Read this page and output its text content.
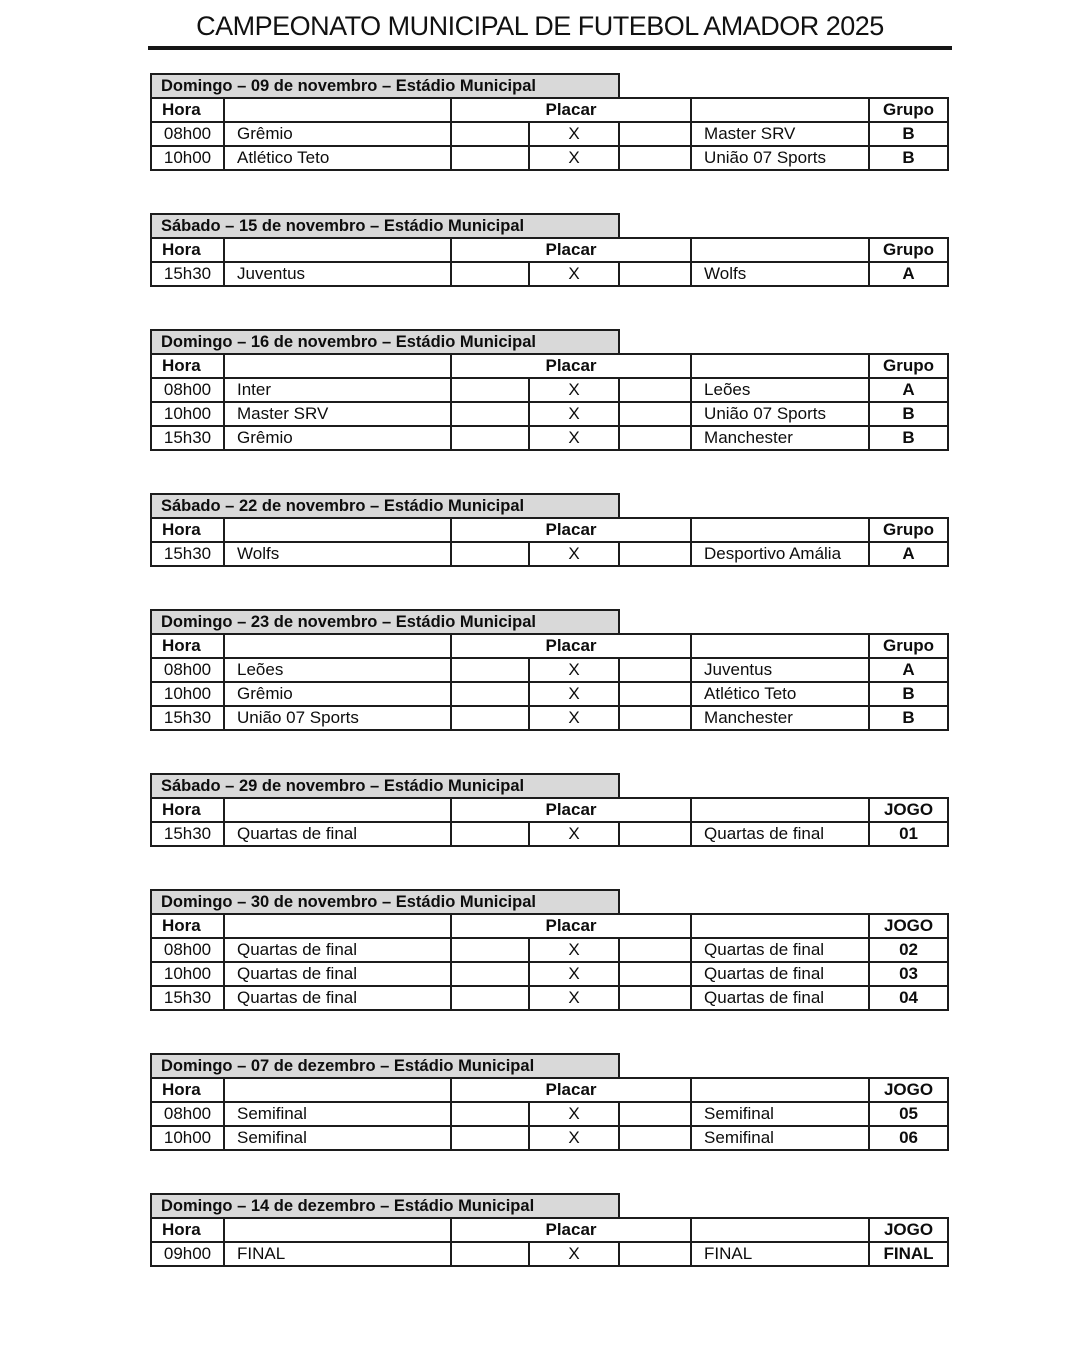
CAMPEONATO MUNICIPAL DE FUTEBOL AMADOR 2025
Domingo – 09 de novembro – Estádio Municipal						
Hora		Placar				Grupo
08h00	Grêmio		X		Master SRV	B
10h00	Atlético Teto		X		União 07 Sports	B
Sábado – 15 de novembro – Estádio Municipal						
Hora		Placar				Grupo
15h30	Juventus		X		Wolfs	A
Domingo – 16 de novembro – Estádio Municipal						
Hora		Placar				Grupo
08h00	Inter		X		Leões	A
10h00	Master SRV		X		União 07 Sports	B
15h30	Grêmio		X		Manchester	B
Sábado – 22 de novembro – Estádio Municipal						
Hora		Placar				Grupo
15h30	Wolfs		X		Desportivo Amália	A
Domingo – 23 de novembro – Estádio Municipal						
Hora		Placar				Grupo
08h00	Leões		X		Juventus	A
10h00	Grêmio		X		Atlético Teto	B
15h30	União 07 Sports		X		Manchester	B
Sábado – 29 de novembro – Estádio Municipal						
Hora		Placar				JOGO
15h30	Quartas de final		X		Quartas de final	01
Domingo – 30 de novembro – Estádio Municipal						
Hora		Placar				JOGO
08h00	Quartas de final		X		Quartas de final	02
10h00	Quartas de final		X		Quartas de final	03
15h30	Quartas de final		X		Quartas de final	04
Domingo – 07 de dezembro – Estádio Municipal						
Hora		Placar				JOGO
08h00	Semifinal		X		Semifinal	05
10h00	Semifinal		X		Semifinal	06
Domingo – 14 de dezembro – Estádio Municipal						
Hora		Placar				JOGO
09h00	FINAL		X		FINAL	FINAL
